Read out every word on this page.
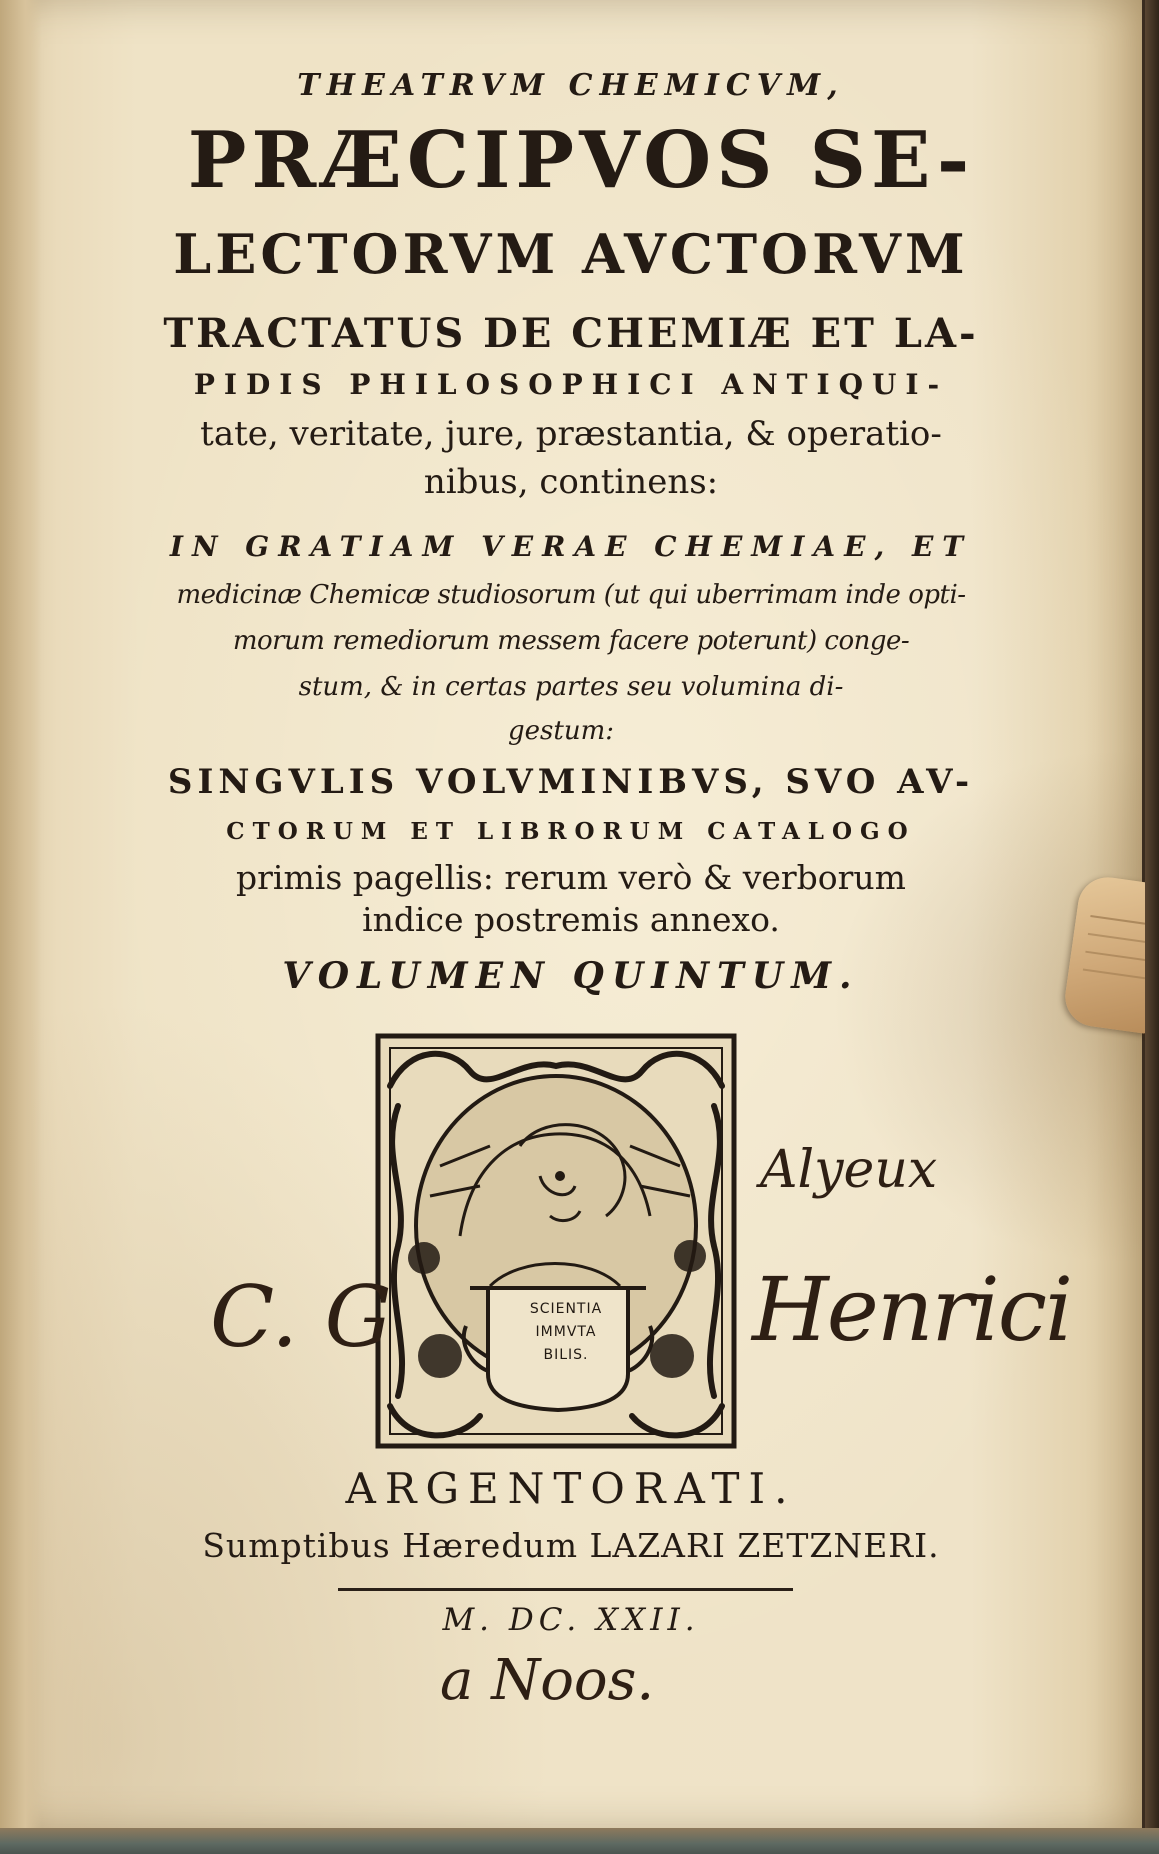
THEATRVM CHEMICVM,
PRÆCIPVOS SE-
LECTORVM AVCTORVM
TRACTATUS DE CHEMIÆ ET LA-
PIDIS PHILOSOPHICI ANTIQUI-
tate, veritate, jure, præstantia, & operatio-
nibus, continens:
IN GRATIAM VERAE CHEMIAE, ET
medicinæ Chemicæ studiosorum (ut qui uberrimam inde opti-
morum remediorum messem facere poterunt) conge-
stum, & in certas partes seu volumina di-
gestum:
SINGVLIS VOLVMINIBVS, SVO AV-
CTORUM ET LIBRORUM CATALOGO
primis pagellis: rerum verò & verborum
indice postremis annexo.
VOLUMEN QUINTUM.
SCIENTIA
IMMVTA
BILIS.
Alyeux
C. G	Henrici
ARGENTORATI.
Sumptibus Hæredum LAZARI ZETZNERI.
M. DC. XXII.
a Noos.
